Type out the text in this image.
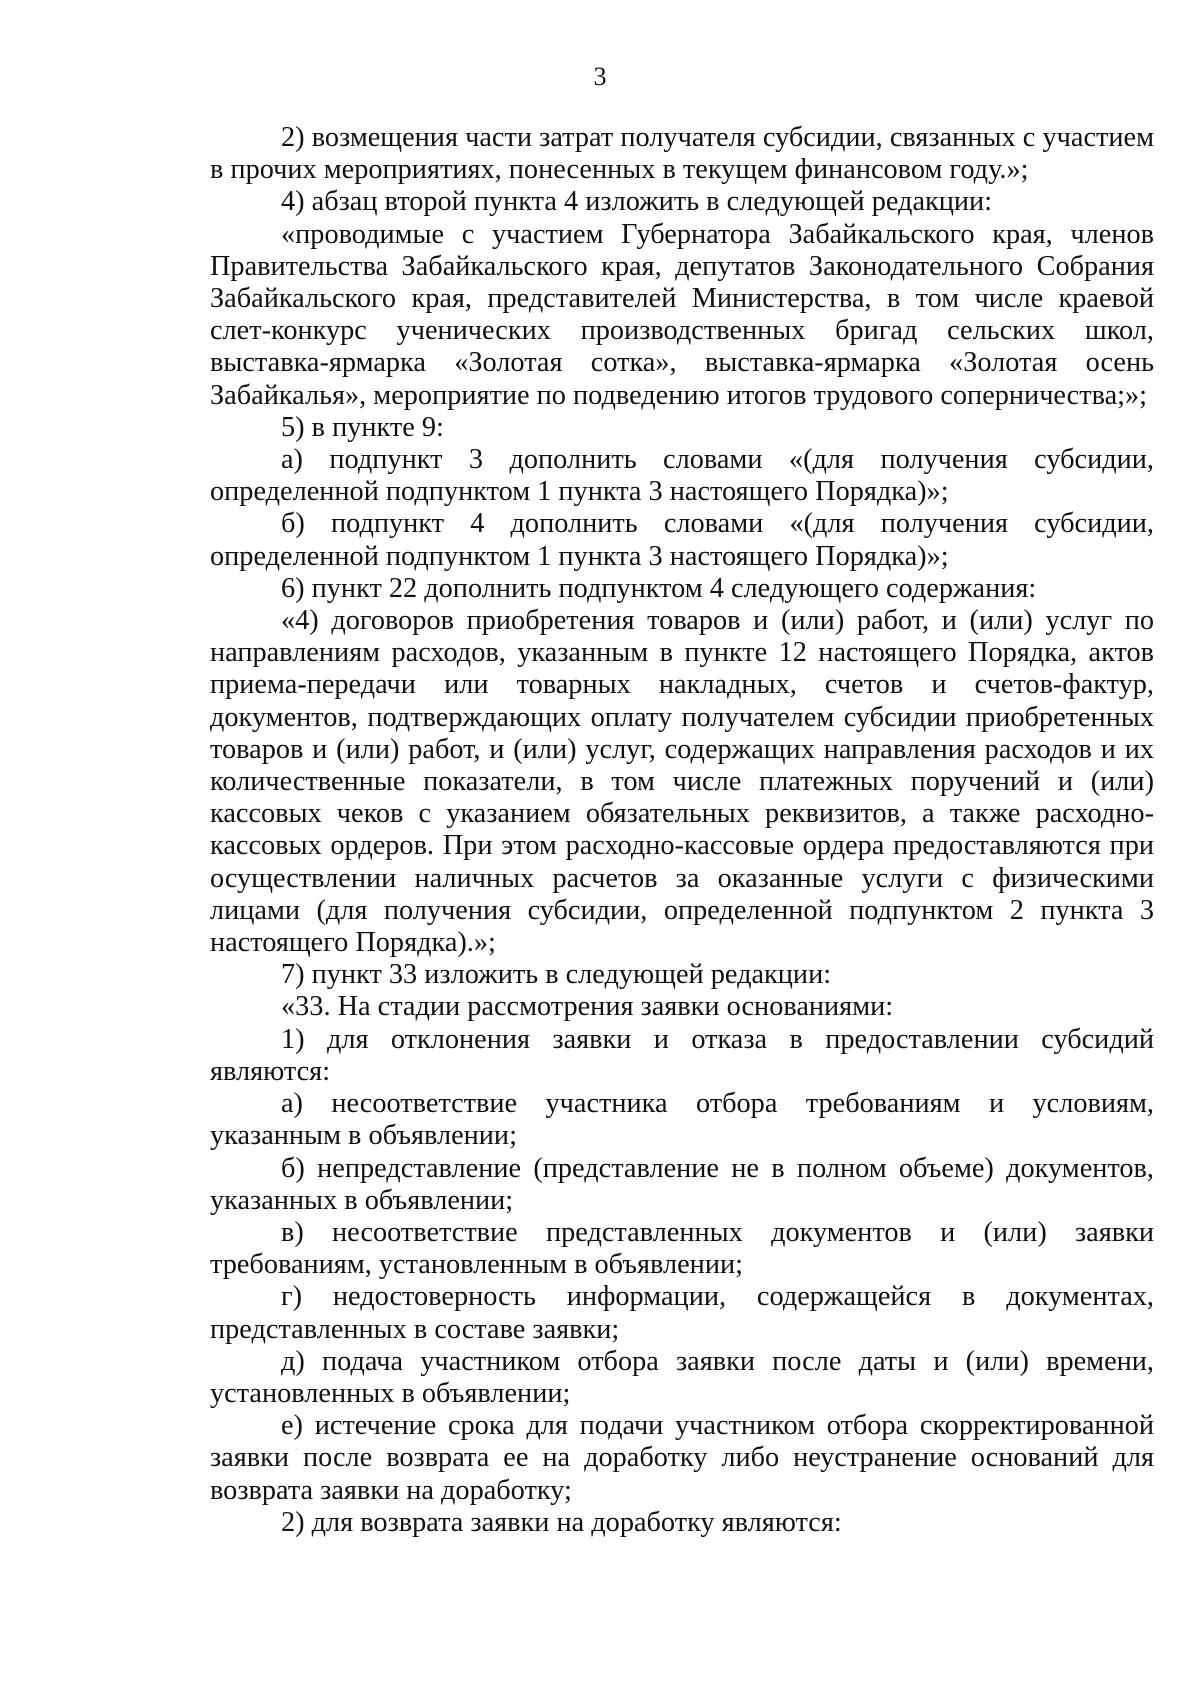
3

2) возмещения части затрат получателя субсидии, связанных с участием в прочих мероприятиях, понесенных в текущем финансовом году.»;

4) абзац второй пункта 4 изложить в следующей редакции:

«проводимые с участием Губернатора Забайкальского края, членов Правительства Забайкальского края, депутатов Законодательного Собрания Забайкальского края, представителей Министерства, в том числе краевой слет-конкурс ученических производственных бригад сельских школ, выставка-ярмарка «Золотая сотка», выставка-ярмарка «Золотая осень Забайкалья», мероприятие по подведению итогов трудового соперничества;»;

5) в пункте 9:

а) подпункт 3 дополнить словами «(для получения субсидии, определенной подпунктом 1 пункта 3 настоящего Порядка)»;

б) подпункт 4 дополнить словами «(для получения субсидии, определенной подпунктом 1 пункта 3 настоящего Порядка)»;

6) пункт 22 дополнить подпунктом 4 следующего содержания:

«4) договоров приобретения товаров и (или) работ, и (или) услуг по направлениям расходов, указанным в пункте 12 настоящего Порядка, актов приема-передачи или товарных накладных, счетов и счетов-фактур, документов, подтверждающих оплату получателем субсидии приобретенных товаров и (или) работ, и (или) услуг, содержащих направления расходов и их количественные показатели, в том числе платежных поручений и (или) кассовых чеков с указанием обязательных реквизитов, а также расходно-кассовых ордеров. При этом расходно-кассовые ордера предоставляются при осуществлении наличных расчетов за оказанные услуги с физическими лицами (для получения субсидии, определенной подпунктом 2 пункта 3 настоящего Порядка).»;

7) пункт 33 изложить в следующей редакции:

«33. На стадии рассмотрения заявки основаниями:

1) для отклонения заявки и отказа в предоставлении субсидий являются:

а) несоответствие участника отбора требованиям и условиям, указанным в объявлении;

б) непредставление (представление не в полном объеме) документов, указанных в объявлении;

в) несоответствие представленных документов и (или) заявки требованиям, установленным в объявлении;

г) недостоверность информации, содержащейся в документах, представленных в составе заявки;

д) подача участником отбора заявки после даты и (или) времени, установленных в объявлении;

е) истечение срока для подачи участником отбора скорректированной заявки после возврата ее на доработку либо неустранение оснований для возврата заявки на доработку;

2) для возврата заявки на доработку являются:
